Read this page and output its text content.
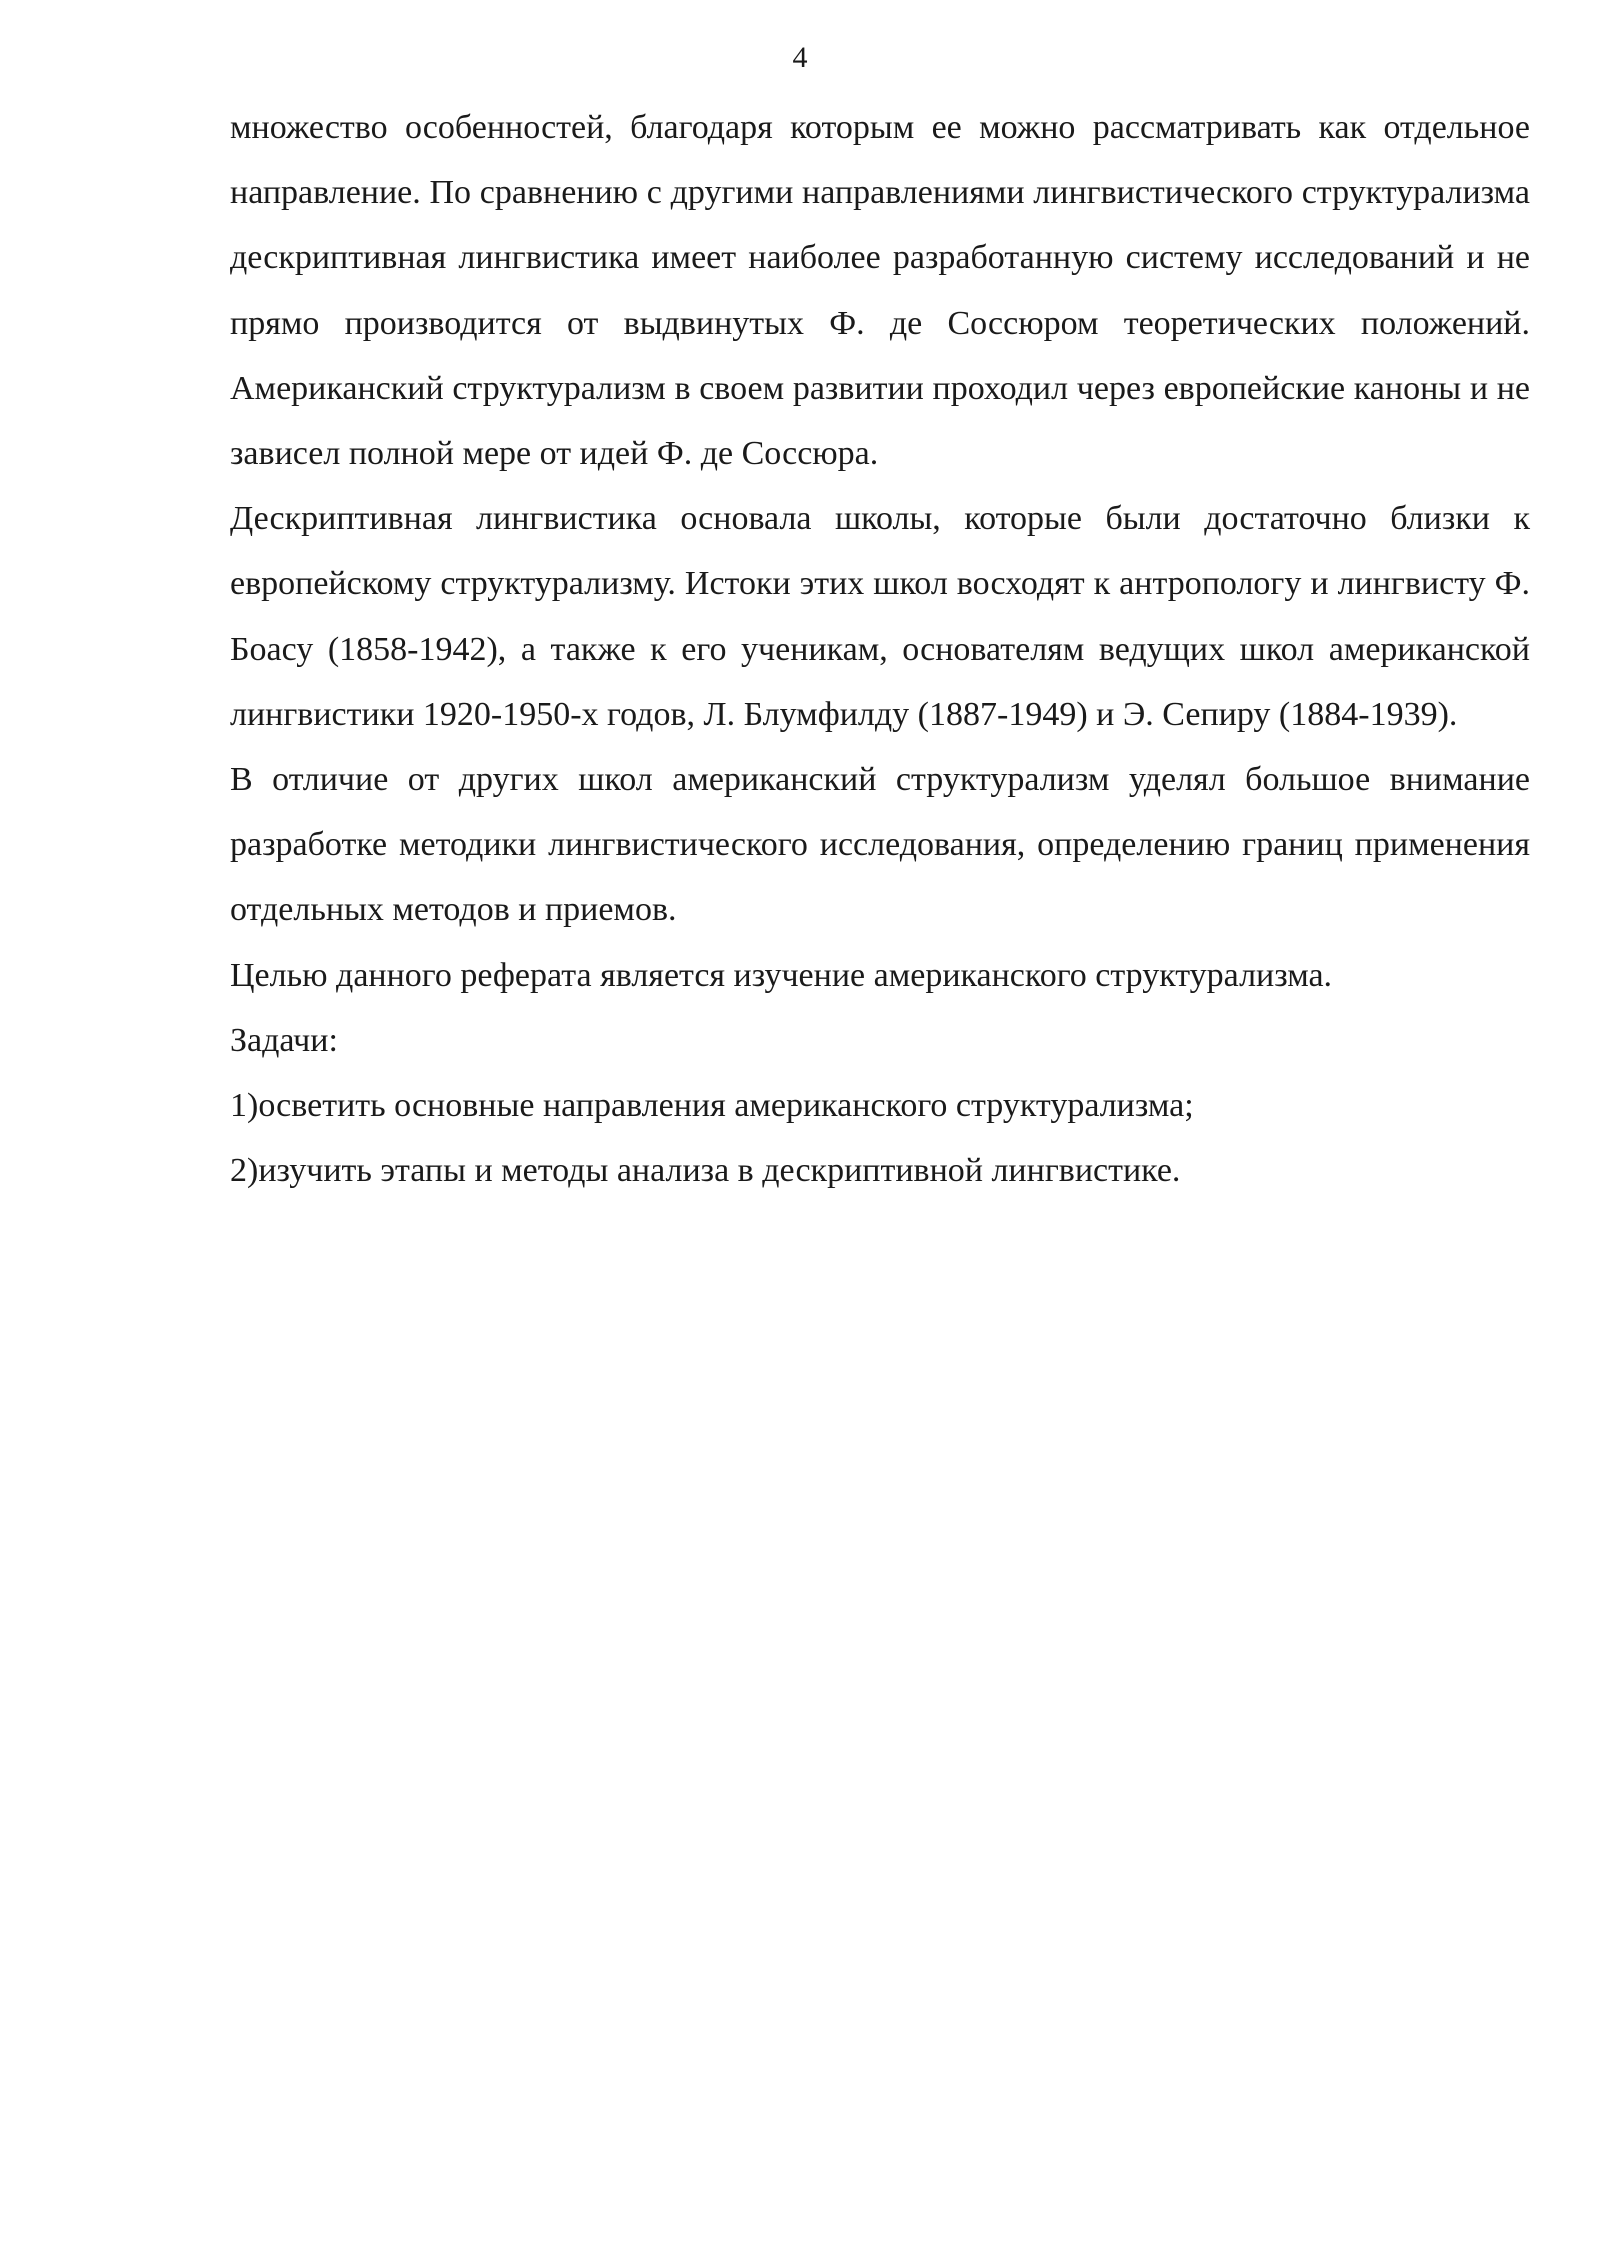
4

множество особенностей, благодаря которым ее можно рассматривать как отдельное направление. По сравнению с другими направлениями лингвистического структурализма дескриптивная лингвистика имеет наиболее разработанную систему исследований и не прямо производится от выдвинутых Ф. де Соссюром теоретических положений. Американский структурализм в своем развитии проходил через европейские каноны и не зависел полной мере от идей Ф. де Соссюра.

Дескриптивная лингвистика основала школы, которые были достаточно близки к европейскому структурализму. Истоки этих школ восходят к антропологу и лингвисту Ф. Боасу (1858-1942), а также к его ученикам, основателям ведущих школ американской лингвистики 1920-1950-х годов, Л. Блумфилду (1887-1949) и Э. Сепиру (1884-1939).

В отличие от других школ американский структурализм уделял большое внимание разработке методики лингвистического исследования, определению границ применения отдельных методов и приемов.

Целью данного реферата является изучение американского структурализма.

Задачи:

1)осветить основные направления американского структурализма;

2)изучить этапы и методы анализа в дескриптивной лингвистике.
